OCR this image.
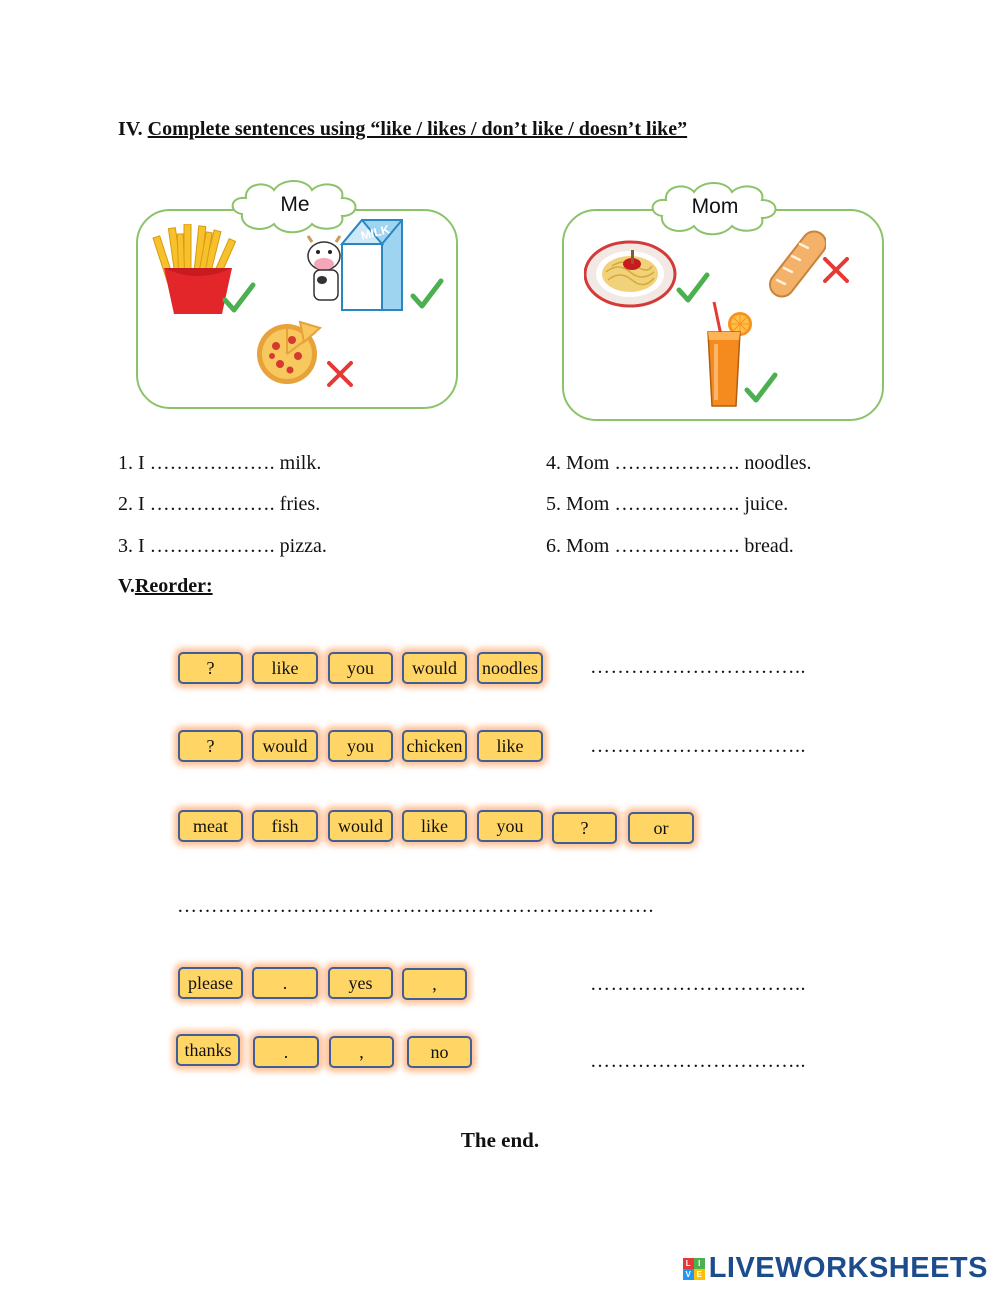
IV. Complete sentences using “like / likes / don’t like / doesn’t like”
Me
MILK
Mom
1. I ………………. milk.
2. I ………………. fries.
3. I ………………. pizza.
4. Mom ………………. noodles.
5. Mom ………………. juice.
6. Mom ………………. bread.
V.Reorder:
?	like	you	would	noodles	…………………………..
?	would	you	chicken	like	…………………………..
meat	fish	would	like	you	?	or
…………………………………………………………….
please	.	yes	,	…………………………..
thanks	.	,	no	…………………………..
The end.
L I
V E LIVEWORKSHEETS
